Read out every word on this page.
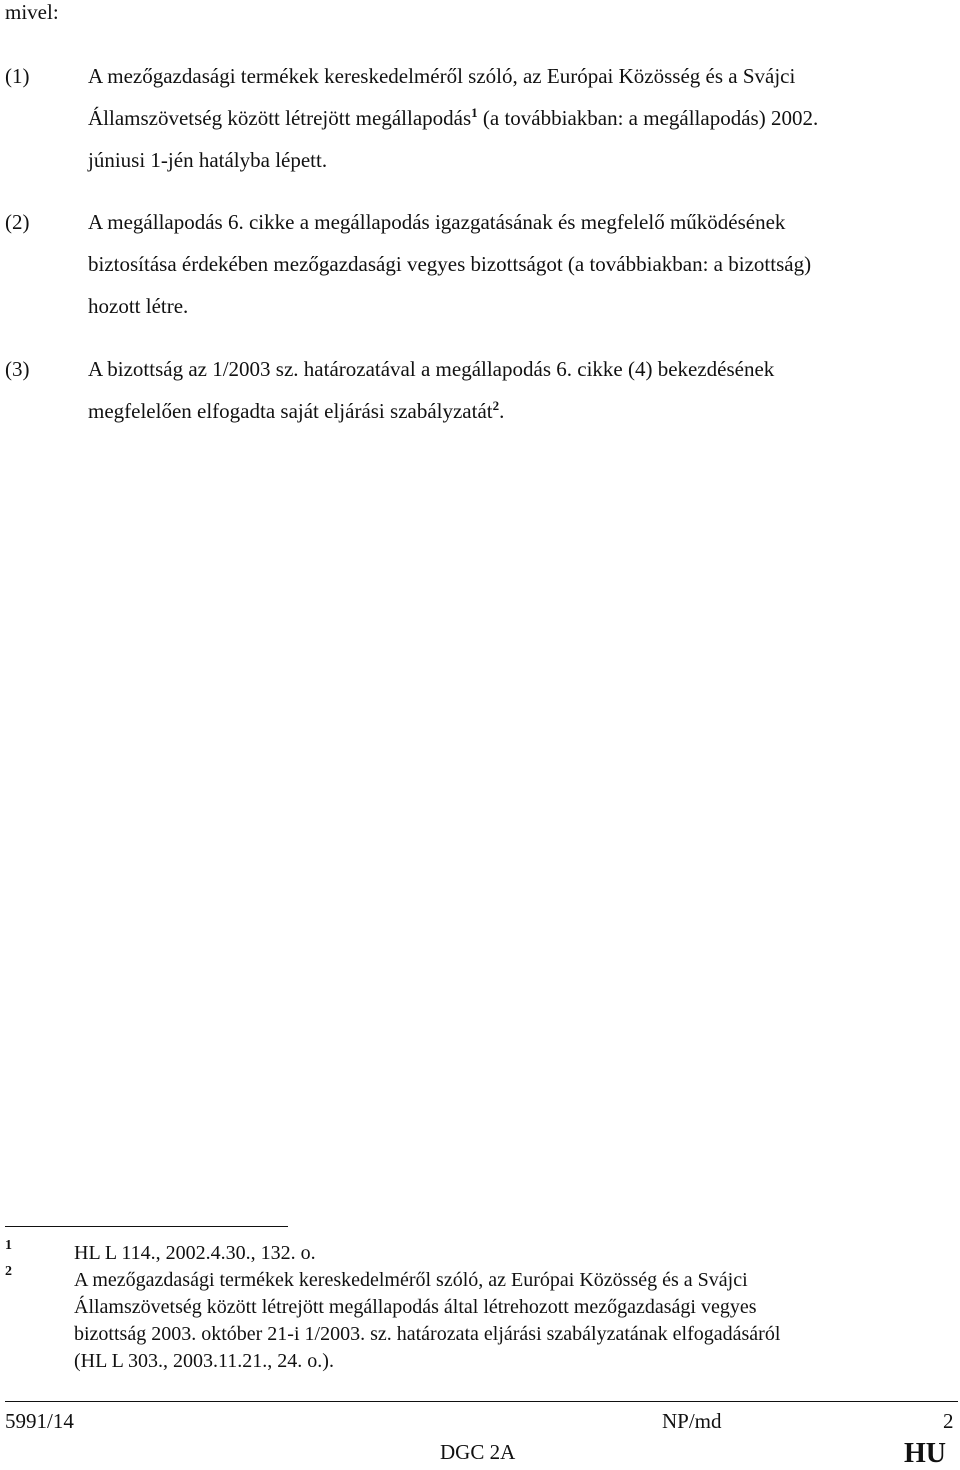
mivel:
(1)	A mezőgazdasági termékek kereskedelméről szóló, az Európai Közösség és a Svájci
Államszövetség között létrejött megállapodás$^1$ (a továbbiakban: a megállapodás) 2002.
júniusi 1-jén hatályba lépett.
(2)	A megállapodás 6. cikke a megállapodás igazgatásának és megfelelő működésének
biztosítása érdekében mezőgazdasági vegyes bizottságot (a továbbiakban: a bizottság)
hozott létre.
(3)	A bizottság az 1/2003 sz. határozatával a megállapodás 6. cikke (4) bekezdésének
megfelelően elfogadta saját eljárási szabályzatát$^2$.
1	HL L 114., 2002.4.30., 132. o.
2	A mezőgazdasági termékek kereskedelméről szóló, az Európai Közösség és a Svájci
Államszövetség között létrejött megállapodás által létrehozott mezőgazdasági vegyes
bizottság 2003. október 21-i 1/2003. sz. határozata eljárási szabályzatának elfogadásáról
(HL L 303., 2003.11.21., 24. o.).
5991/14	NP/md	2
DGC 2A	HU
